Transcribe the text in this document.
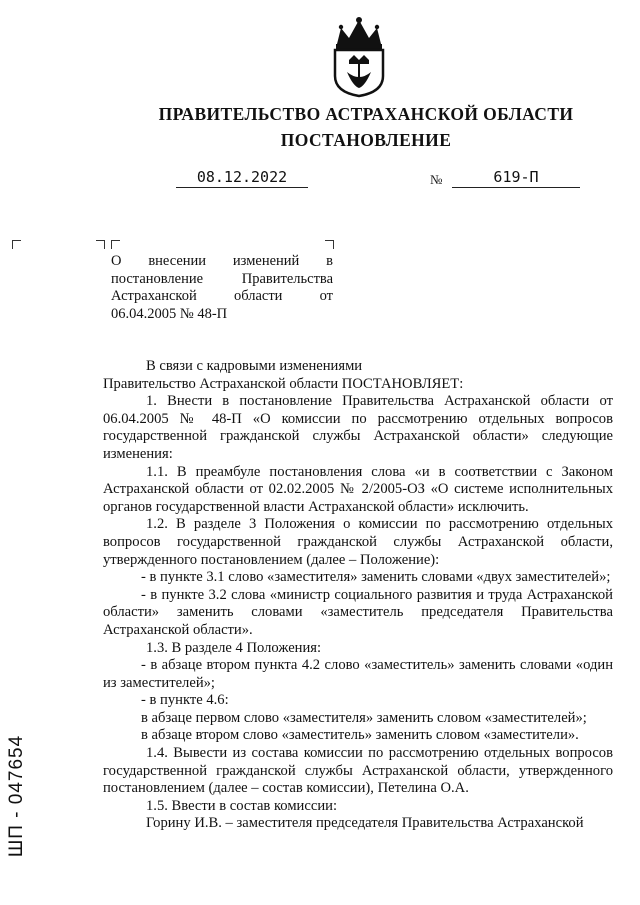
ПРАВИТЕЛЬСТВО АСТРАХАНСКОЙ ОБЛАСТИ
ПОСТАНОВЛЕНИЕ
08.12.2022	№	619-П
О внесении изменений в постановление Правительства Астраханской области от 06.04.2005 № 48-П

В связи с кадровыми изменениями

Правительство Астраханской области ПОСТАНОВЛЯЕТ:

1. Внести в постановление Правительства Астраханской области от 06.04.2005 № 48-П «О комиссии по рассмотрению отдельных вопросов государственной гражданской службы Астраханской области» следующие изменения:

1.1. В преамбуле постановления слова «и в соответствии с Законом Астраханской области от 02.02.2005 № 2/2005-ОЗ «О системе исполнительных органов государственной власти Астраханской области» исключить.

1.2. В разделе 3 Положения о комиссии по рассмотрению отдельных вопросов государственной гражданской службы Астраханской области, утвержденного постановлением (далее – Положение):

- в пункте 3.1 слово «заместителя» заменить словами «двух заместителей»;

- в пункте 3.2 слова «министр социального развития и труда Астраханской области» заменить словами «заместитель председателя Правительства Астраханской области».

1.3. В разделе 4 Положения:

- в абзаце втором пункта 4.2 слово «заместитель» заменить словами «один из заместителей»;

- в пункте 4.6:

в абзаце первом слово «заместителя» заменить словом «заместителей»;

в абзаце втором слово «заместитель» заменить словом «заместители».

1.4. Вывести из состава комиссии по рассмотрению отдельных вопросов государственной гражданской службы Астраханской области, утвержденного постановлением (далее – состав комиссии), Петелина О.А.

1.5. Ввести в состав комиссии:

Горину И.В. – заместителя председателя Правительства Астраханской

ШП - 047654
